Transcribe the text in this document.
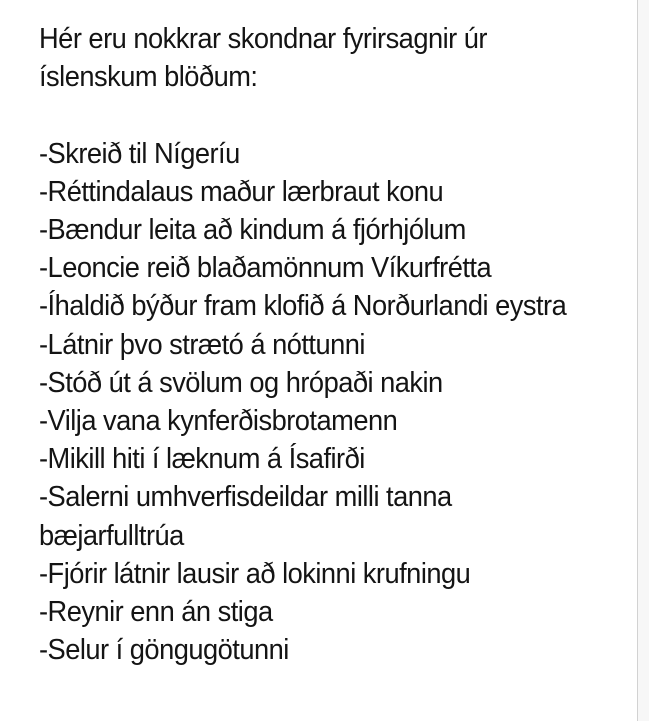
Hér eru nokkrar skondnar fyrirsagnir úr
íslenskum blöðum:
-Skreið til Nígeríu
-Réttindalaus maður lærbraut konu
-Bændur leita að kindum á fjórhjólum
-Leoncie reið blaðamönnum Víkurfrétta
-Íhaldið býður fram klofið á Norðurlandi eystra
-Látnir þvo strætó á nóttunni
-Stóð út á svölum og hrópaði nakin
-Vilja vana kynferðisbrotamenn
-Mikill hiti í læknum á Ísafirði
-Salerni umhverfisdeildar milli tanna bæjarfulltrúa
-Fjórir látnir lausir að lokinni krufningu
-Reynir enn án stiga
-Selur í göngugötunni
